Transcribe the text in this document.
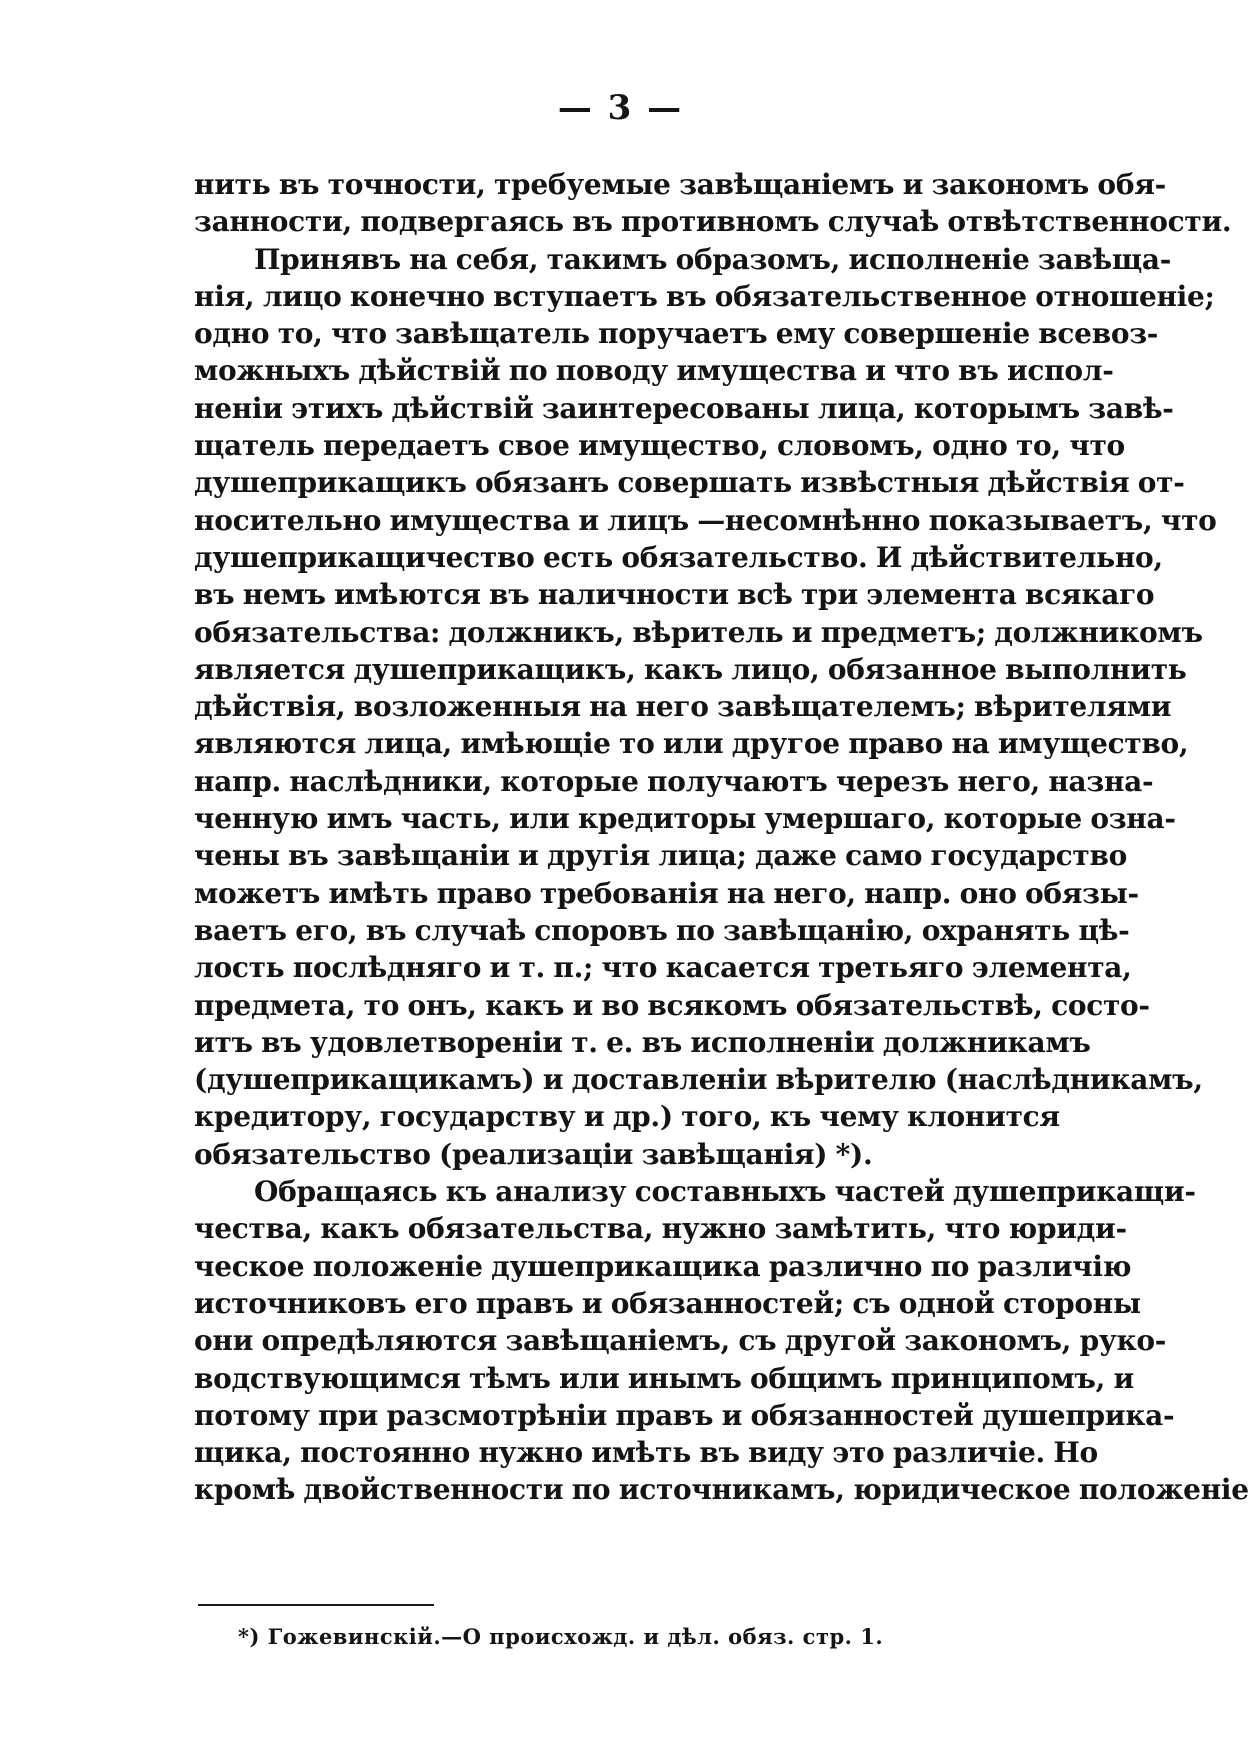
— 3 —
нить въ точности, требуемые завѣщаніемъ и закономъ обя-
занности, подвергаясь въ противномъ случаѣ отвѣтственности.
Принявъ на себя, такимъ образомъ, исполненіе завѣща-
нія, лицо конечно вступаетъ въ обязательственное отношеніе;
одно то, что завѣщатель поручаетъ ему совершеніе всевоз-
можныхъ дѣйствій по поводу имущества и что въ испол-
неніи этихъ дѣйствій заинтересованы лица, которымъ завѣ-
щатель передаетъ свое имущество, словомъ, одно то, что
душеприкащикъ обязанъ совершать извѣстныя дѣйствія от-
носительно имущества и лицъ —несомнѣнно показываетъ, что
душеприкащичество есть обязательство. И дѣйствительно,
въ немъ имѣются въ наличности всѣ три элемента всякаго
обязательства: должникъ, вѣритель и предметъ; должникомъ
является душеприкащикъ, какъ лицо, обязанное выполнить
дѣйствія, возложенныя на него завѣщателемъ; вѣрителями
являются лица, имѣющіе то или другое право на имущество,
напр. наслѣдники, которые получаютъ черезъ него, назна-
ченную имъ часть, или кредиторы умершаго, которые озна-
чены въ завѣщаніи и другія лица; даже само государство
можетъ имѣть право требованія на него, напр. оно обязы-
ваетъ его, въ случаѣ споровъ по завѣщанію, охранять цѣ-
лость послѣдняго и т. п.; что касается третьяго элемента,
предмета, то онъ, какъ и во всякомъ обязательствѣ, состо-
итъ въ удовлетвореніи т. е. въ исполненіи должникамъ
(душеприкащикамъ) и доставленіи вѣрителю (наслѣдникамъ,
кредитору, государству и др.) того, къ чему клонится
обязательство (реализаціи завѣщанія) *).
Обращаясь къ анализу составныхъ частей душеприкащи-
чества, какъ обязательства, нужно замѣтить, что юриди-
ческое положеніе душеприкащика различно по различію
источниковъ его правъ и обязанностей; съ одной стороны
они опредѣляются завѣщаніемъ, съ другой закономъ, руко-
водствующимся тѣмъ или инымъ общимъ принципомъ, и
потому при разсмотрѣніи правъ и обязанностей душеприка-
щика, постоянно нужно имѣть въ виду это различіе. Но
кромѣ двойственности по источникамъ, юридическое положеніе
*) Гожевинскій.—О происхожд. и дѣл. обяз. стр. 1.
